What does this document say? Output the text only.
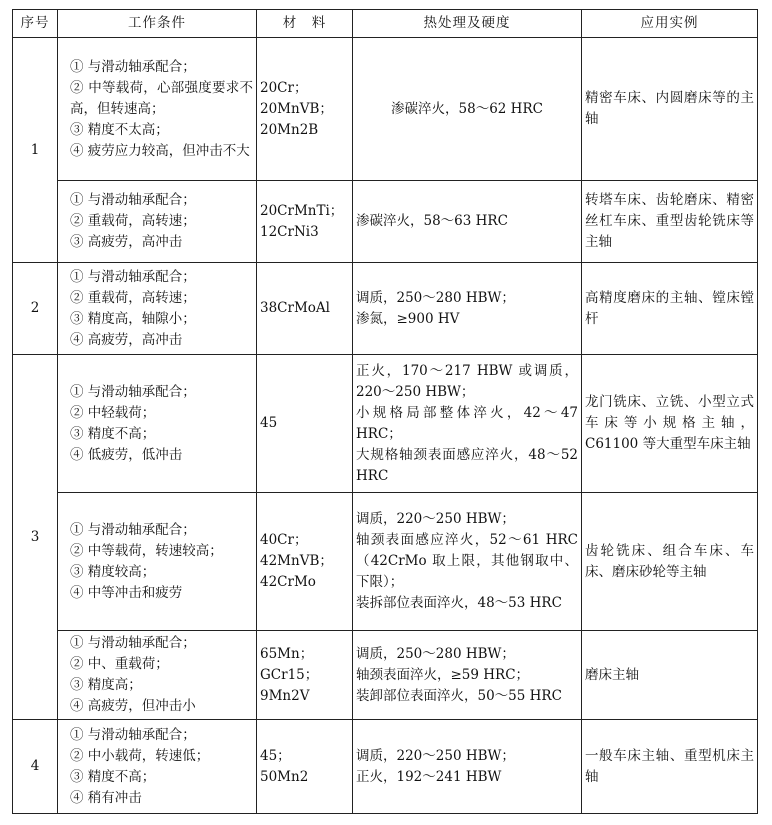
序号	工作条件	材　料	热处理及硬度	应用实例
1	① 与滑动轴承配合；
② 中等载荷，心部强度要求不高，但转速高；
③ 精度不太高；
④ 疲劳应力较高，但冲击不大	20Cr；
20MnVB；
20Mn2B	渗碳淬火，58～62 HRC	精密车床、内圆磨床等的主轴
	① 与滑动轴承配合；
② 重载荷，高转速；
③ 高疲劳，高冲击	20CrMnTi；
12CrNi3	渗碳淬火，58～63 HRC	转塔车床、齿轮磨床、精密丝杠车床、重型齿轮铣床等主轴
2	① 与滑动轴承配合；
② 重载荷，高转速；
③ 精度高，轴隙小；
④ 高疲劳，高冲击	38CrMoAl	调质，250～280 HBW；
渗氮，≥900 HV	高精度磨床的主轴、镗床镗杆
3	① 与滑动轴承配合；
② 中轻载荷；
③ 精度不高；
④ 低疲劳，低冲击	45	正火，170～217 HBW 或调质，220～250 HBW；
小规格局部整体淬火，42～47 HRC；
大规格轴颈表面感应淬火，48～52 HRC	龙门铣床、立铣、小型立式车床等小规格主轴，C61100 等大重型车床主轴
	① 与滑动轴承配合；
② 中等载荷，转速较高；
③ 精度较高；
④ 中等冲击和疲劳	40Cr；
42MnVB；
42CrMo	调质，220～250 HBW；
轴颈表面感应淬火，52～61 HRC（42CrMo 取上限，其他钢取中、下限）；
装拆部位表面淬火，48～53 HRC	齿轮铣床、组合车床、车床、磨床砂轮等主轴
	① 与滑动轴承配合；
② 中、重载荷；
③ 精度高；
④ 高疲劳，但冲击小	65Mn；
GCr15；
9Mn2V	调质，250～280 HBW；
轴颈表面淬火，≥59 HRC；
装卸部位表面淬火，50～55 HRC	磨床主轴
4	① 与滑动轴承配合；
② 中小载荷，转速低；
③ 精度不高；
④ 稍有冲击	45；
50Mn2	调质，220～250 HBW；
正火，192～241 HBW	一般车床主轴、重型机床主轴
